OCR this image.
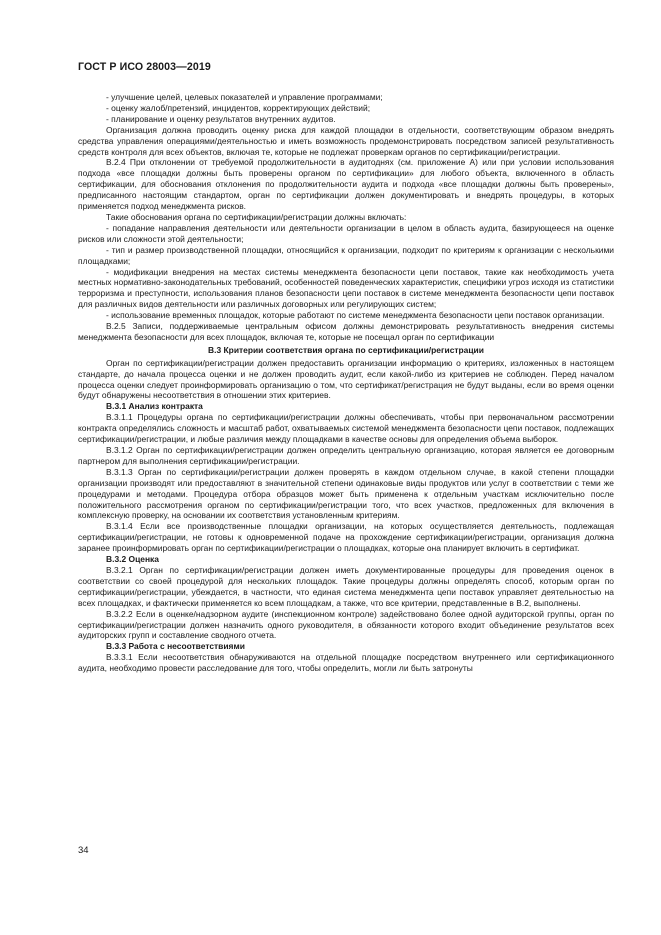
ГОСТ Р ИСО 28003—2019

- улучшение целей, целевых показателей и управление программами;

- оценку жалоб/претензий, инцидентов, корректирующих действий;

- планирование и оценку результатов внутренних аудитов.

Организация должна проводить оценку риска для каждой площадки в отдельности, соответствующим образом внедрять средства управления операциями/деятельностью и иметь возможность продемонстрировать посредством записей результативность средств контроля для всех объектов, включая те, которые не подлежат проверкам органов по сертификации/регистрации.

В.2.4 При отклонении от требуемой продолжительности в аудитоднях (см. приложение А) или при условии использования подхода «все площадки должны быть проверены органом по сертификации» для любого объекта, включенного в область сертификации, для обоснования отклонения по продолжительности аудита и подхода «все площадки должны быть проверены», предписанного настоящим стандартом, орган по сертификации должен документировать и внедрять процедуры, в которых применяется подход менеджмента рисков.

Такие обоснования органа по сертификации/регистрации должны включать:

- попадание направления деятельности или деятельности организации в целом в область аудита, базирующееся на оценке рисков или сложности этой деятельности;

- тип и размер производственной площадки, относящийся к организации, подходит по критериям к организации с несколькими площадками;

- модификации внедрения на местах системы менеджмента безопасности цепи поставок, такие как необходимость учета местных нормативно-законодательных требований, особенностей поведенческих характеристик, специфики угроз исходя из статистики терроризма и преступности, использования планов безопасности цепи поставок в системе менеджмента безопасности цепи поставок для различных видов деятельности или различных договорных или регулирующих систем;

- использование временных площадок, которые работают по системе менеджмента безопасности цепи поставок организации.

В.2.5 Записи, поддерживаемые центральным офисом должны демонстрировать результативность внедрения системы менеджмента безопасности для всех площадок, включая те, которые не посещал орган по сертификации

В.3 Критерии соответствия органа по сертификации/регистрации

Орган по сертификации/регистрации должен предоставить организации информацию о критериях, изложенных в настоящем стандарте, до начала процесса оценки и не должен проводить аудит, если какой-либо из критериев не соблюден. Перед началом процесса оценки следует проинформировать организацию о том, что сертификат/регистрация не будут выданы, если во время оценки будут обнаружены несоответствия в отношении этих критериев.

В.3.1 Анализ контракта

В.3.1.1 Процедуры органа по сертификации/регистрации должны обеспечивать, чтобы при первоначальном рассмотрении контракта определялись сложность и масштаб работ, охватываемых системой менеджмента безопасности цепи поставок, подлежащих сертификации/регистрации, и любые различия между площадками в качестве основы для определения объема выборок.

В.3.1.2 Орган по сертификации/регистрации должен определить центральную организацию, которая является ее договорным партнером для выполнения сертификации/регистрации.

В.3.1.3 Орган по сертификации/регистрации должен проверять в каждом отдельном случае, в какой степени площадки организации производят или предоставляют в значительной степени одинаковые виды продуктов или услуг в соответствии с теми же процедурами и методами. Процедура отбора образцов может быть применена к отдельным участкам исключительно после положительного рассмотрения органом по сертификации/регистрации того, что всех участков, предложенных для включения в комплексную проверку, на основании их соответствия установленным критериям.

В.3.1.4 Если все производственные площадки организации, на которых осуществляется деятельность, подлежащая сертификации/регистрации, не готовы к одновременной подаче на прохождение сертификации/регистрации, организация должна заранее проинформировать орган по сертификации/регистрации о площадках, которые она планирует включить в сертификат.

В.3.2 Оценка

В.3.2.1 Орган по сертификации/регистрации должен иметь документированные процедуры для проведения оценок в соответствии со своей процедурой для нескольких площадок. Такие процедуры должны определять способ, которым орган по сертификации/регистрации, убеждается, в частности, что единая система менеджмента цепи поставок управляет деятельностью на всех площадках, и фактически применяется ко всем площадкам, а также, что все критерии, представленные в В.2, выполнены.

В.3.2.2 Если в оценке/надзорном аудите (инспекционном контроле) задействовано более одной аудиторской группы, орган по сертификации/регистрации должен назначить одного руководителя, в обязанности которого входит объединение результатов всех аудиторских групп и составление сводного отчета.

В.3.3 Работа с несоответствиями

В.3.3.1 Если несоответствия обнаруживаются на отдельной площадке посредством внутреннего или сертификационного аудита, необходимо провести расследование для того, чтобы определить, могли ли быть затронуты

34
